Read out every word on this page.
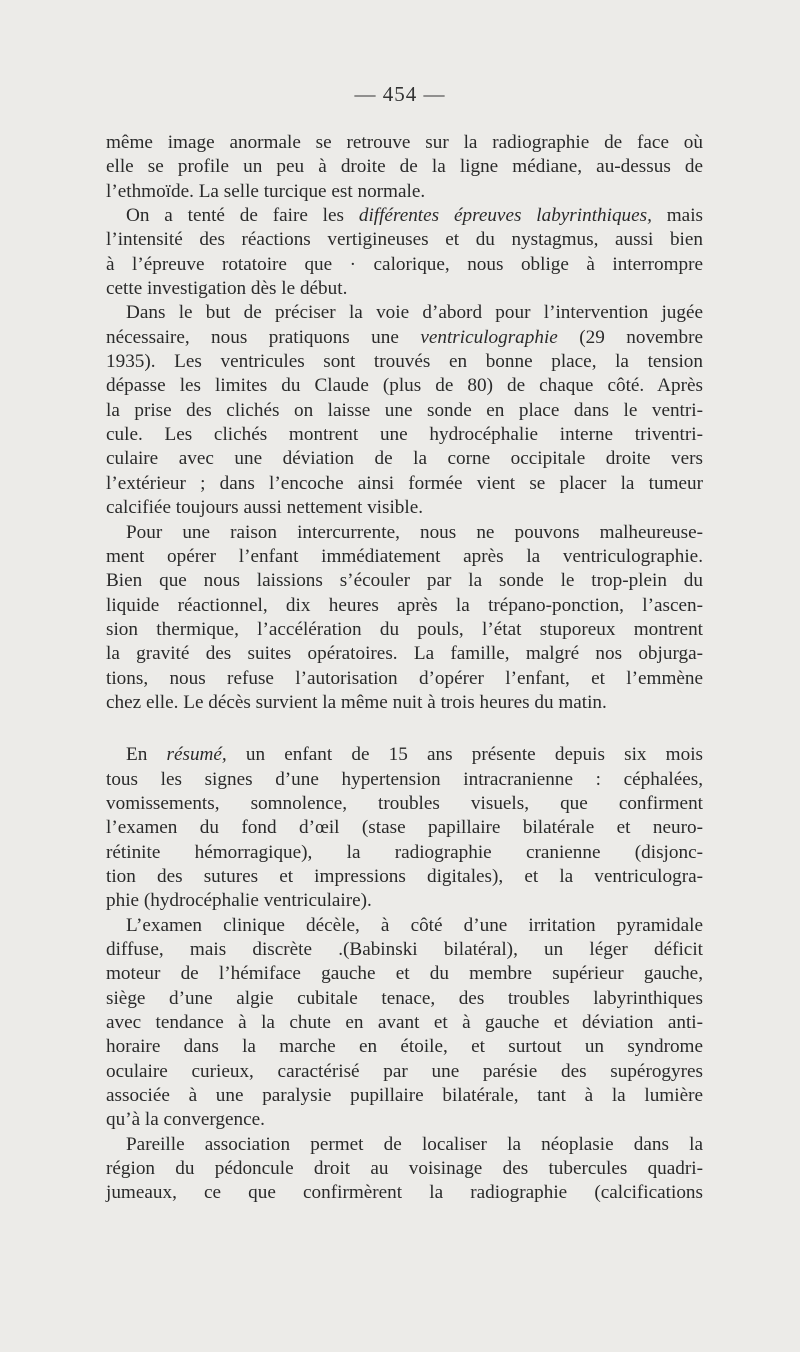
— 454 —
même image anormale se retrouve sur la radiographie de face où
elle se profile un peu à droite de la ligne médiane, au-dessus de
l’ethmoïde. La selle turcique est normale.
On a tenté de faire les différentes épreuves labyrinthiques, mais
l’intensité des réactions vertigineuses et du nystagmus, aussi bien
à l’épreuve rotatoire que · calorique, nous oblige à interrompre
cette investigation dès le début.
Dans le but de préciser la voie d’abord pour l’intervention jugée
nécessaire, nous pratiquons une ventriculographie (29 novembre
1935). Les ventricules sont trouvés en bonne place, la tension
dépasse les limites du Claude (plus de 80) de chaque côté. Après
la prise des clichés on laisse une sonde en place dans le ventri-
cule. Les clichés montrent une hydrocéphalie interne triventri-
culaire avec une déviation de la corne occipitale droite vers
l’extérieur ; dans l’encoche ainsi formée vient se placer la tumeur
calcifiée toujours aussi nettement visible.
Pour une raison intercurrente, nous ne pouvons malheureuse-
ment opérer l’enfant immédiatement après la ventriculographie.
Bien que nous laissions s’écouler par la sonde le trop-plein du
liquide réactionnel, dix heures après la trépano-ponction, l’ascen-
sion thermique, l’accélération du pouls, l’état stuporeux montrent
la gravité des suites opératoires. La famille, malgré nos objurga-
tions, nous refuse l’autorisation d’opérer l’enfant, et l’emmène
chez elle. Le décès survient la même nuit à trois heures du matin.
En résumé, un enfant de 15 ans présente depuis six mois
tous les signes d’une hypertension intracranienne : céphalées,
vomissements, somnolence, troubles visuels, que confirment
l’examen du fond d’œil (stase papillaire bilatérale et neuro-
rétinite hémorragique), la radiographie cranienne (disjonc-
tion des sutures et impressions digitales), et la ventriculogra-
phie (hydrocéphalie ventriculaire).
L’examen clinique décèle, à côté d’une irritation pyramidale
diffuse, mais discrète .(Babinski bilatéral), un léger déficit
moteur de l’hémiface gauche et du membre supérieur gauche,
siège d’une algie cubitale tenace, des troubles labyrinthiques
avec tendance à la chute en avant et à gauche et déviation anti-
horaire dans la marche en étoile, et surtout un syndrome
oculaire curieux, caractérisé par une parésie des supérogyres
associée à une paralysie pupillaire bilatérale, tant à la lumière
qu’à la convergence.
Pareille association permet de localiser la néoplasie dans la
région du pédoncule droit au voisinage des tubercules quadri-
jumeaux, ce que confirmèrent la radiographie (calcifications
